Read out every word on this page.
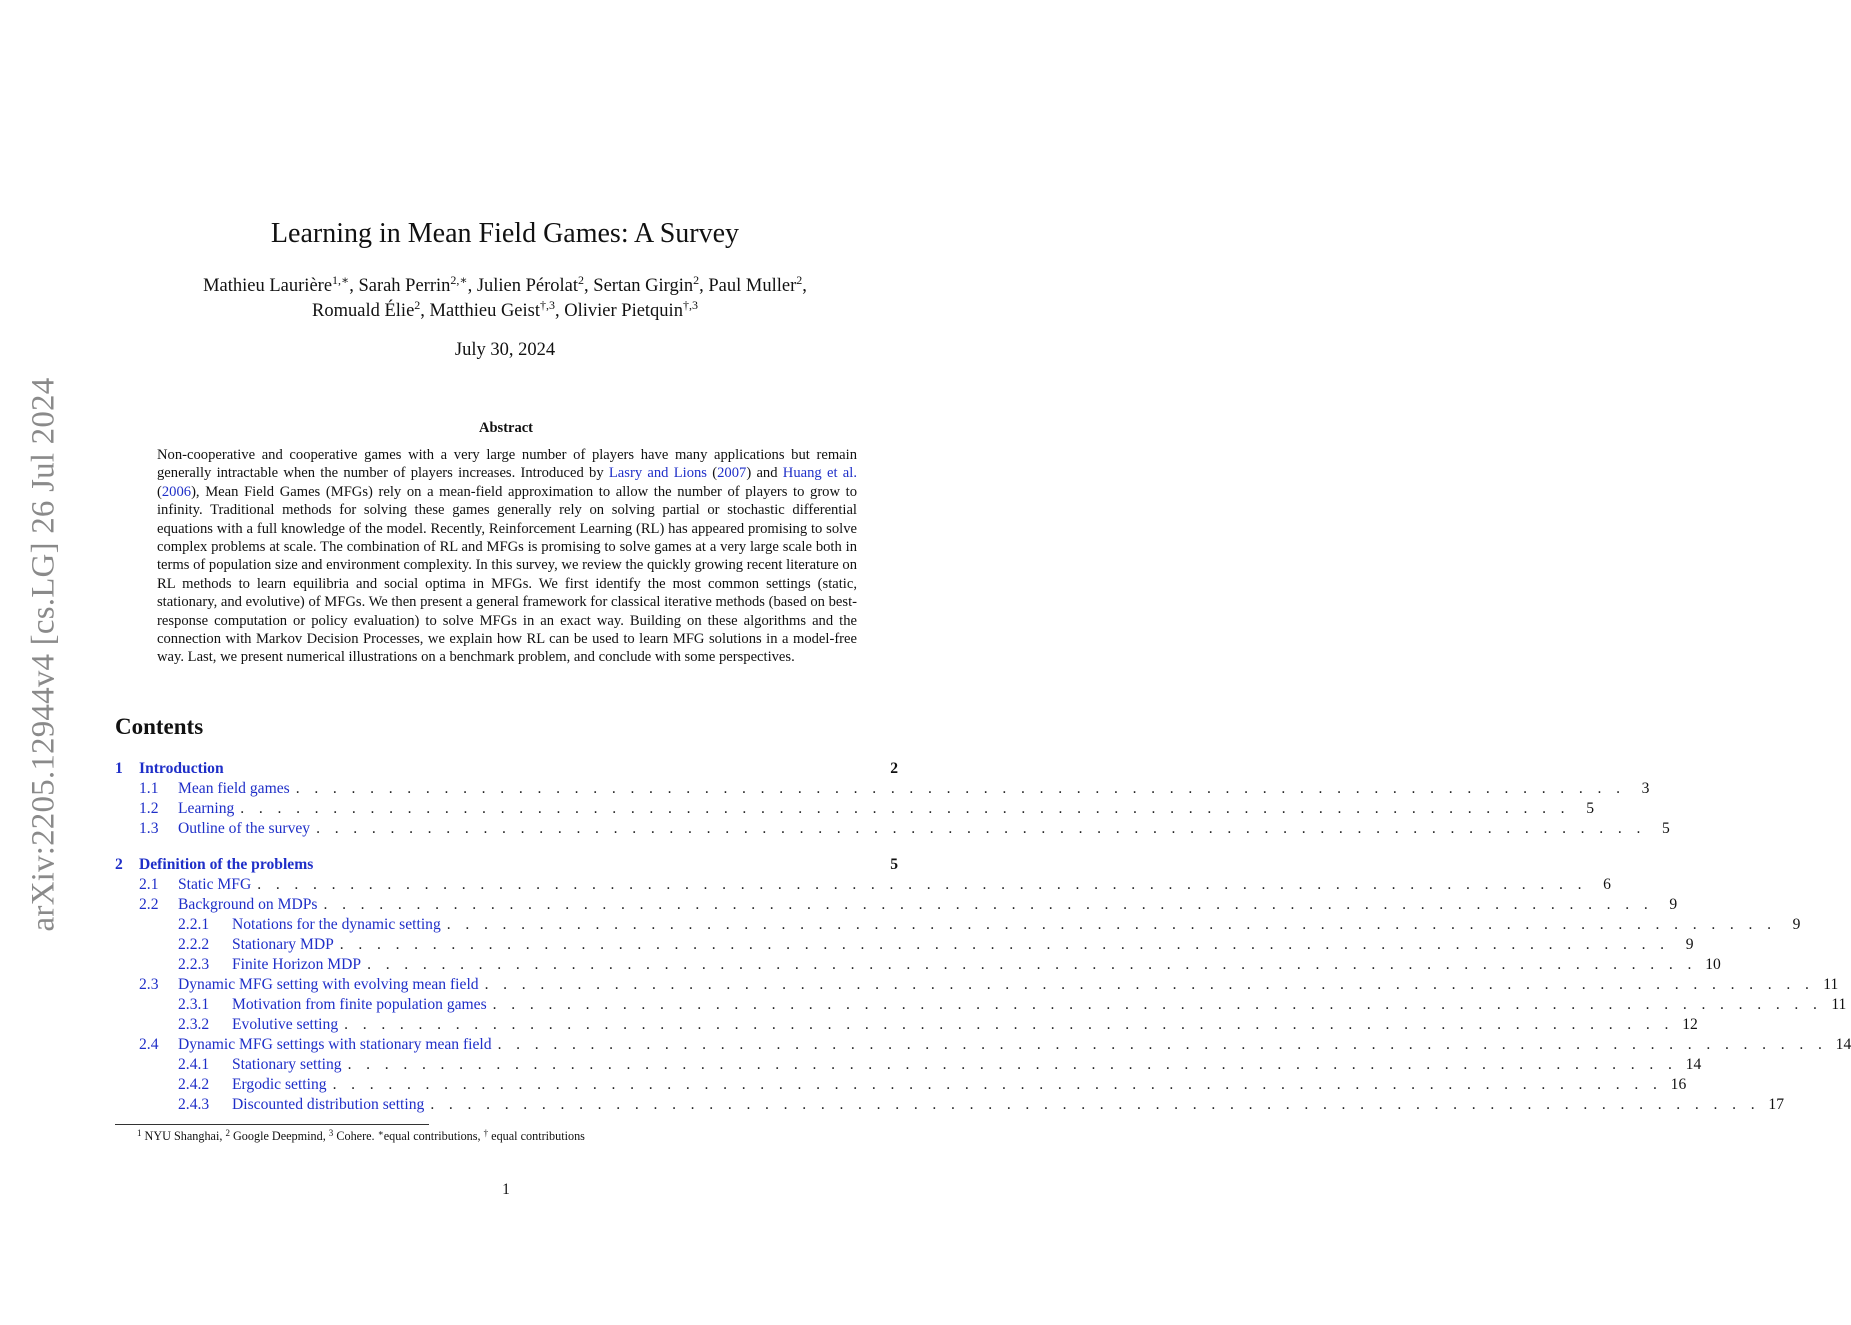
arXiv:2205.12944v4 [cs.LG] 26 Jul 2024
Learning in Mean Field Games: A Survey
Mathieu Laurière$^{1,∗}$, Sarah Perrin$^{2,∗}$, Julien Pérolat$^2$, Sertan Girgin$^2$, Paul Muller$^2$,
Romuald Élie$^2$, Matthieu Geist$^{\dagger,3}$, Olivier Pietquin$^{\dagger,3}$
July 30, 2024
Abstract
Non-cooperative and cooperative games with a very large number of players have many applications but remain generally intractable when the number of players increases. Introduced by Lasry and Lions (2007) and Huang et al. (2006), Mean Field Games (MFGs) rely on a mean-field approximation to allow the number of players to grow to infinity. Traditional methods for solving these games generally rely on solving partial or stochastic differential equations with a full knowledge of the model. Recently, Reinforcement Learning (RL) has appeared promising to solve complex problems at scale. The combination of RL and MFGs is promising to solve games at a very large scale both in terms of population size and environment complexity. In this survey, we review the quickly growing recent literature on RL methods to learn equilibria and social optima in MFGs. We first identify the most common settings (static, stationary, and evolutive) of MFGs. We then present a general framework for classical iterative methods (based on best-response computation or policy evaluation) to solve MFGs in an exact way. Building on these algorithms and the connection with Markov Decision Processes, we explain how RL can be used to learn MFG solutions in a model-free way. Last, we present numerical illustrations on a benchmark problem, and conclude with some perspectives.
Contents
1	Introduction	2
1.1	Mean field games . . . . . . . . . . . . . . . . . . . . . . . . . . . . . . . . . . . . . . . . . . . . . . . . . . . . . . . . . . . . . . . . . . . . . . . .	3
1.2	Learning . . . . . . . . . . . . . . . . . . . . . . . . . . . . . . . . . . . . . . . . . . . . . . . . . . . . . . . . . . . . . . . . . . . . . . . .	5
1.3	Outline of the survey . . . . . . . . . . . . . . . . . . . . . . . . . . . . . . . . . . . . . . . . . . . . . . . . . . . . . . . . . . . . . . . . . . . . . . . .	5
2	Definition of the problems	5
2.1	Static MFG . . . . . . . . . . . . . . . . . . . . . . . . . . . . . . . . . . . . . . . . . . . . . . . . . . . . . . . . . . . . . . . . . . . . . . . .	6
2.2	Background on MDPs . . . . . . . . . . . . . . . . . . . . . . . . . . . . . . . . . . . . . . . . . . . . . . . . . . . . . . . . . . . . . . . . . . . . . . . .	9
2.2.1	Notations for the dynamic setting . . . . . . . . . . . . . . . . . . . . . . . . . . . . . . . . . . . . . . . . . . . . . . . . . . . . . . . . . . . . . . . . . . . . . . . .	9
2.2.2	Stationary MDP . . . . . . . . . . . . . . . . . . . . . . . . . . . . . . . . . . . . . . . . . . . . . . . . . . . . . . . . . . . . . . . . . . . . . . . .	9
2.2.3	Finite Horizon MDP . . . . . . . . . . . . . . . . . . . . . . . . . . . . . . . . . . . . . . . . . . . . . . . . . . . . . . . . . . . . . . . . . . . . . . . . 10
2.3	Dynamic MFG setting with evolving mean field . . . . . . . . . . . . . . . . . . . . . . . . . . . . . . . . . . . . . . . . . . . . . . . . . . . . . . . . . . . . . . . . . . . . . . . . 11
2.3.1	Motivation from finite population games . . . . . . . . . . . . . . . . . . . . . . . . . . . . . . . . . . . . . . . . . . . . . . . . . . . . . . . . . . . . . . . . . . . . . . . . 11
2.3.2	Evolutive setting . . . . . . . . . . . . . . . . . . . . . . . . . . . . . . . . . . . . . . . . . . . . . . . . . . . . . . . . . . . . . . . . . . . . . . . . 12
2.4	Dynamic MFG settings with stationary mean field . . . . . . . . . . . . . . . . . . . . . . . . . . . . . . . . . . . . . . . . . . . . . . . . . . . . . . . . . . . . . . . . . . . . . . . . 14
2.4.1	Stationary setting . . . . . . . . . . . . . . . . . . . . . . . . . . . . . . . . . . . . . . . . . . . . . . . . . . . . . . . . . . . . . . . . . . . . . . . . 14
2.4.2	Ergodic setting . . . . . . . . . . . . . . . . . . . . . . . . . . . . . . . . . . . . . . . . . . . . . . . . . . . . . . . . . . . . . . . . . . . . . . . . 16
2.4.3	Discounted distribution setting . . . . . . . . . . . . . . . . . . . . . . . . . . . . . . . . . . . . . . . . . . . . . . . . . . . . . . . . . . . . . . . . . . . . . . . . 17
$^1$ NYU Shanghai, $^2$ Google Deepmind, $^3$ Cohere. ∗equal contributions, † equal contributions
1
